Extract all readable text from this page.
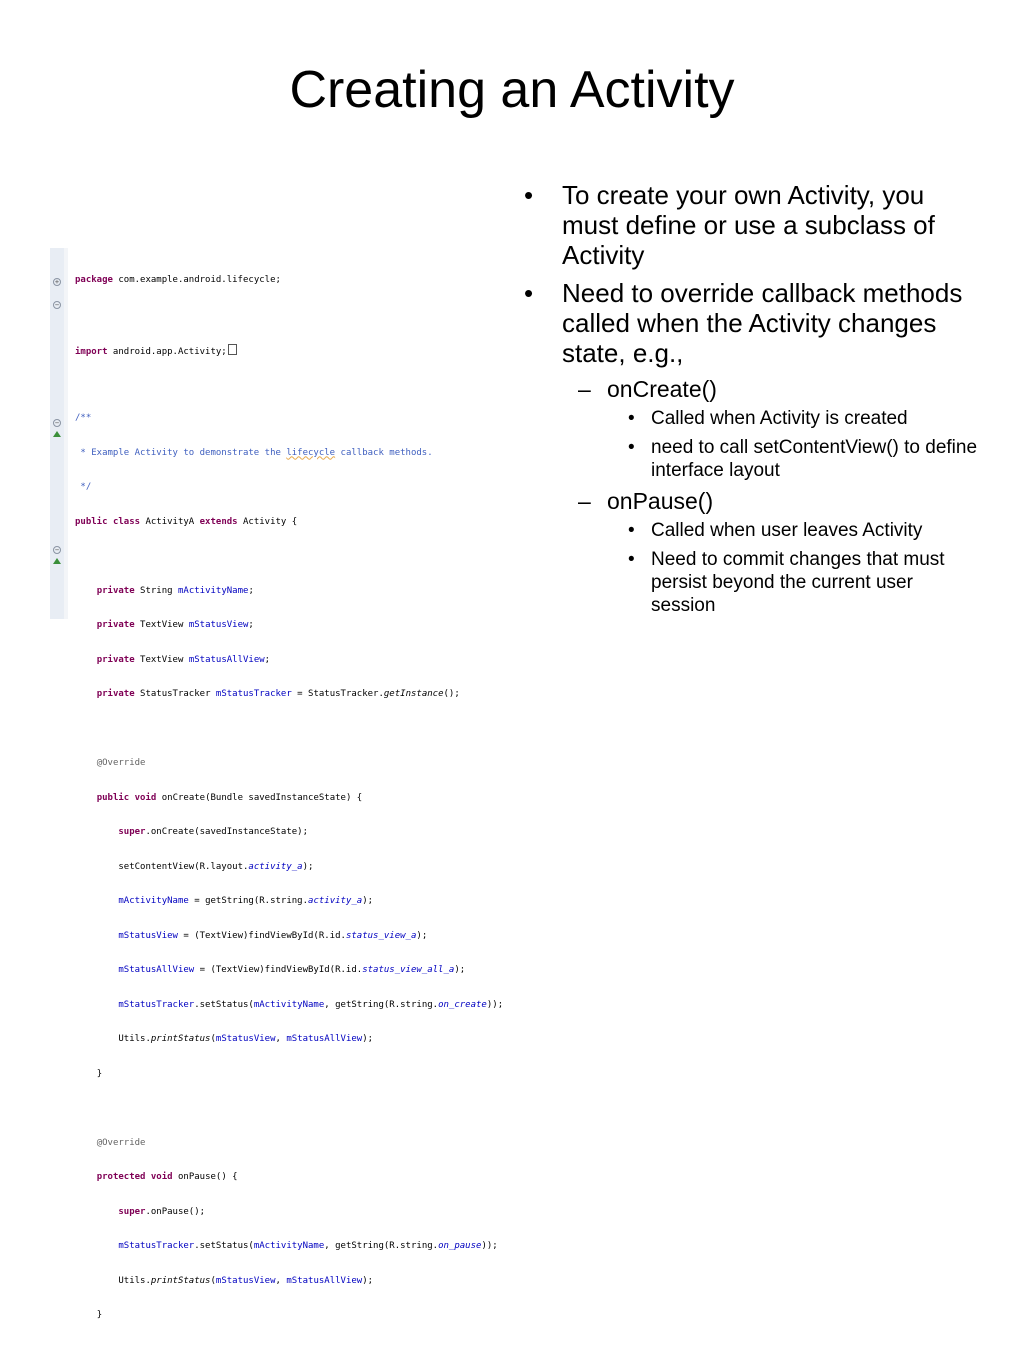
Creating an Activity
+
−
−
−

package com.example.android.lifecycle;

import android.app.Activity;

/**

* Example Activity to demonstrate the lifecycle callback methods.

*/

public class ActivityA extends Activity {

private String mActivityName;

private TextView mStatusView;

private TextView mStatusAllView;

private StatusTracker mStatusTracker = StatusTracker.getInstance();

@Override

public void onCreate(Bundle savedInstanceState) {

super.onCreate(savedInstanceState);

setContentView(R.layout.activity_a);

mActivityName = getString(R.string.activity_a);

mStatusView = (TextView)findViewById(R.id.status_view_a);

mStatusAllView = (TextView)findViewById(R.id.status_view_all_a);

mStatusTracker.setStatus(mActivityName, getString(R.string.on_create));

Utils.printStatus(mStatusView, mStatusAllView);

}

@Override

protected void onPause() {

super.onPause();

mStatusTracker.setStatus(mActivityName, getString(R.string.on_pause));

Utils.printStatus(mStatusView, mStatusAllView);

}

• To create your own Activity, you must define or use a subclass of Activity
• Need to override callback methods called when the Activity changes state, e.g.,
– onCreate()
• Called when Activity is created
• need to call setContentView() to define interface layout
– onPause()
• Called when user leaves Activity
• Need to commit changes that must persist beyond the current user session
